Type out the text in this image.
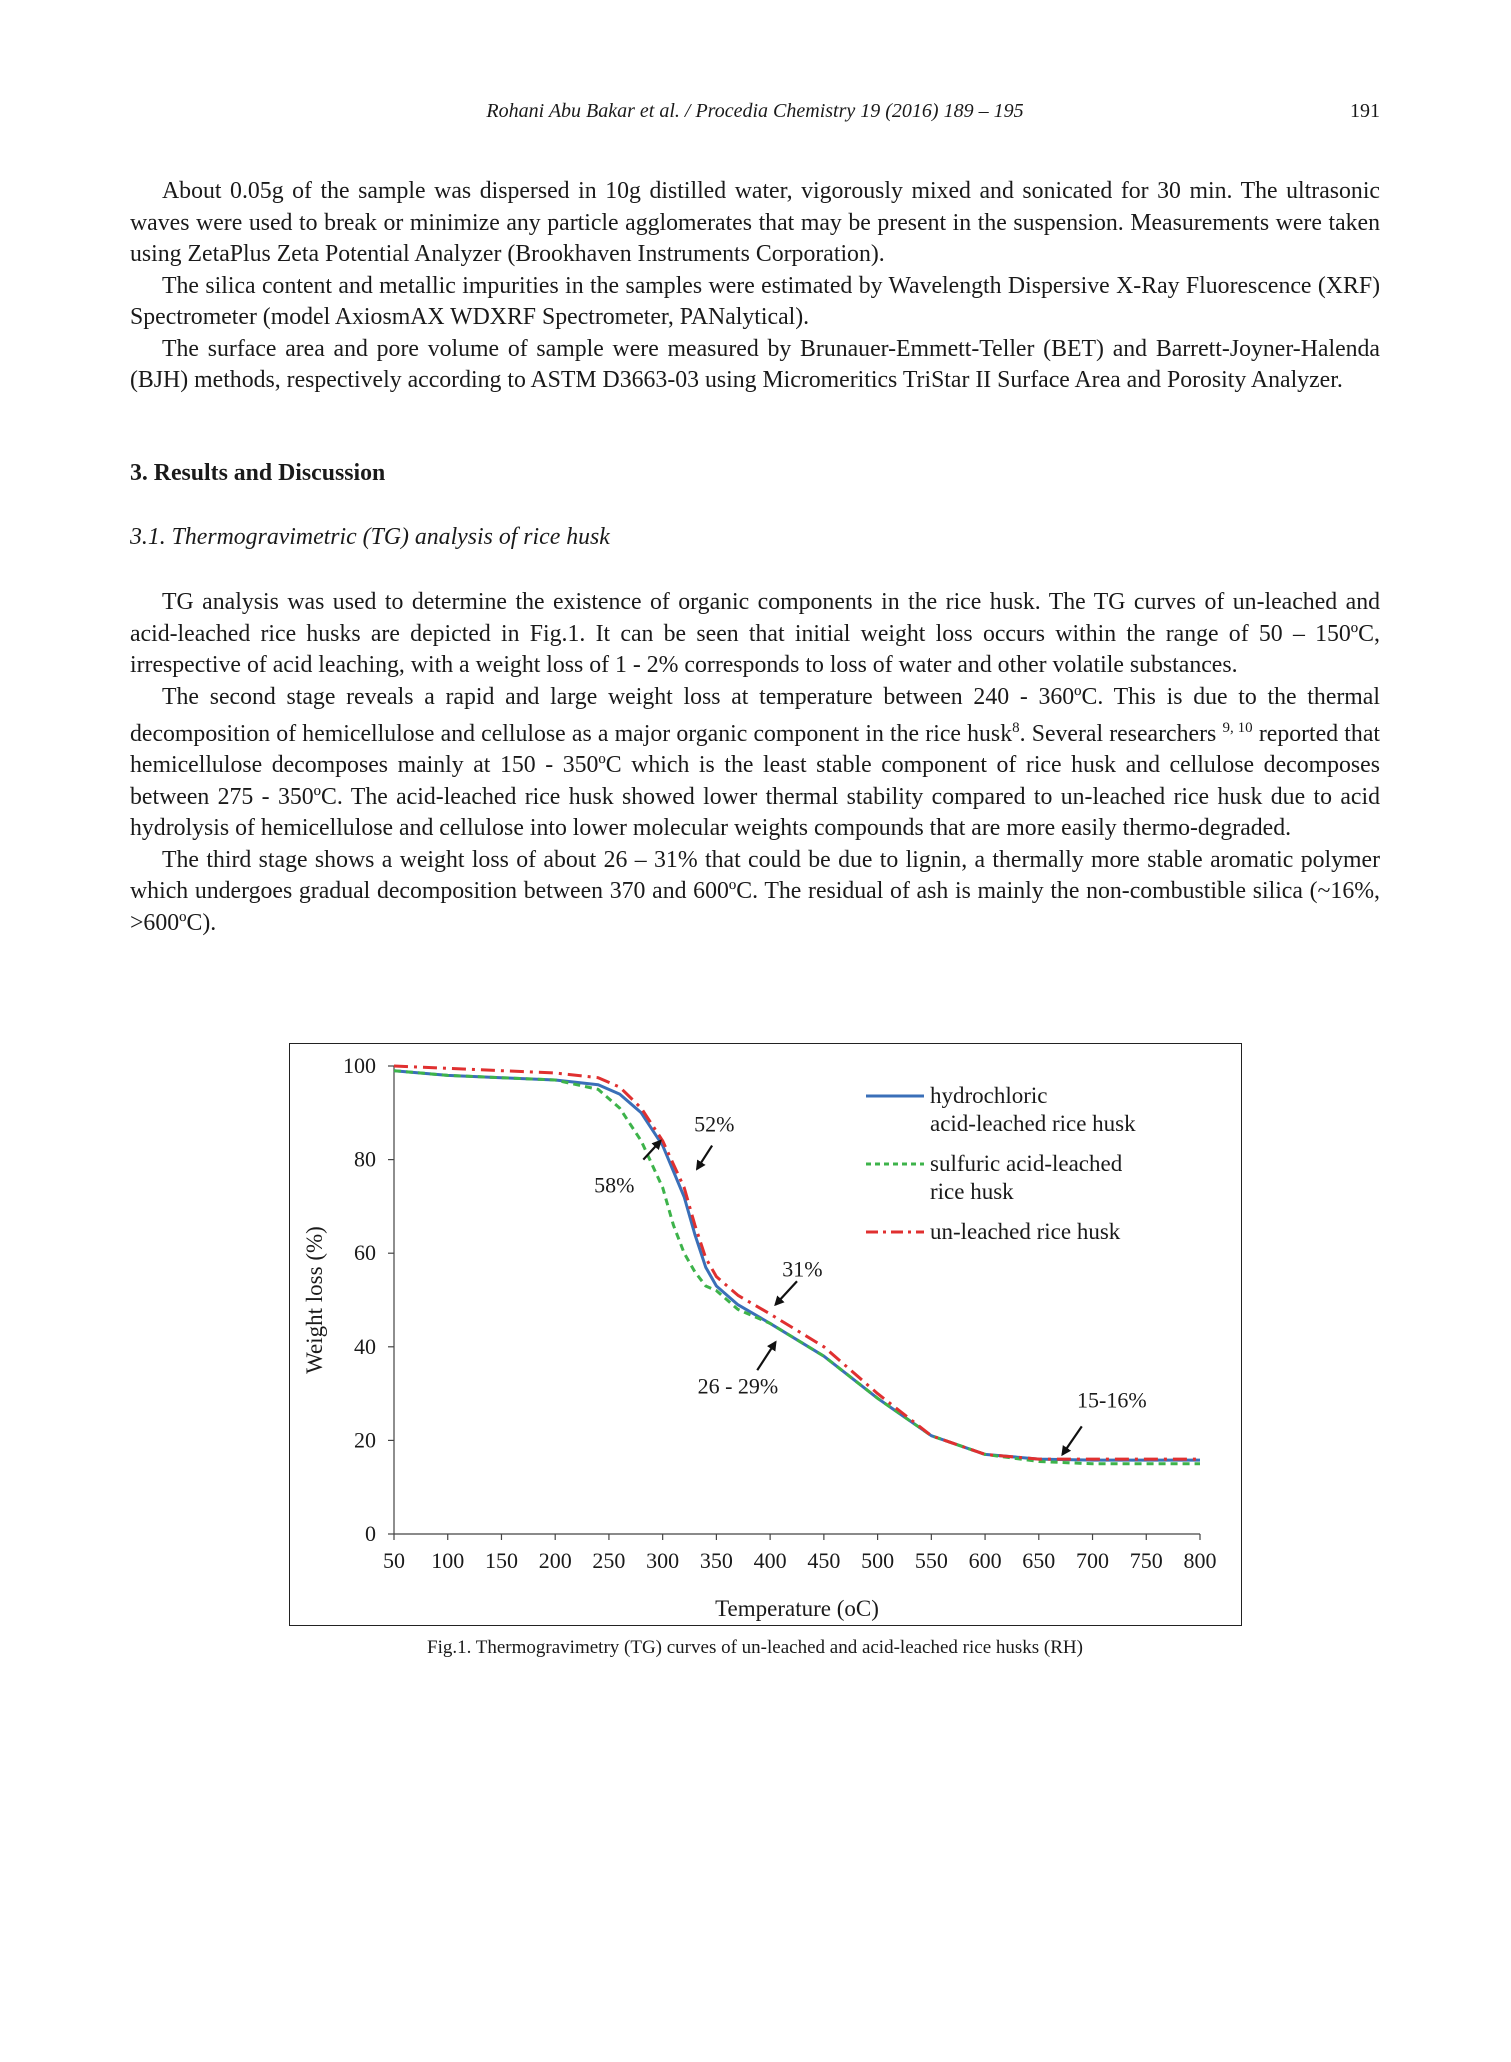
Rohani Abu Bakar et al. / Procedia Chemistry 19 (2016) 189 – 195	191

About 0.05g of the sample was dispersed in 10g distilled water, vigorously mixed and sonicated for 30 min. The ultrasonic waves were used to break or minimize any particle agglomerates that may be present in the suspension. Measurements were taken using ZetaPlus Zeta Potential Analyzer (Brookhaven Instruments Corporation).

The silica content and metallic impurities in the samples were estimated by Wavelength Dispersive X-Ray Fluorescence (XRF) Spectrometer (model AxiosmAX WDXRF Spectrometer, PANalytical).

The surface area and pore volume of sample were measured by Brunauer-Emmett-Teller (BET) and Barrett-Joyner-Halenda (BJH) methods, respectively according to ASTM D3663-03 using Micromeritics TriStar II Surface Area and Porosity Analyzer.

3. Results and Discussion
3.1. Thermogravimetric (TG) analysis of rice husk

TG analysis was used to determine the existence of organic components in the rice husk. The TG curves of un-leached and acid-leached rice husks are depicted in Fig.1. It can be seen that initial weight loss occurs within the range of 50 – 150ºC, irrespective of acid leaching, with a weight loss of 1 - 2% corresponds to loss of water and other volatile substances.

The second stage reveals a rapid and large weight loss at temperature between 240 - 360ºC. This is due to the thermal decomposition of hemicellulose and cellulose as a major organic component in the rice husk$^8$. Several researchers $^{9, 10}$ reported that hemicellulose decomposes mainly at 150 - 350ºC which is the least stable component of rice husk and cellulose decomposes between 275 - 350ºC. The acid-leached rice husk showed lower thermal stability compared to un-leached rice husk due to acid hydrolysis of hemicellulose and cellulose into lower molecular weights compounds that are more easily thermo-degraded.

The third stage shows a weight loss of about 26 – 31% that could be due to lignin, a thermally more stable aromatic polymer which undergoes gradual decomposition between 370 and 600ºC. The residual of ash is mainly the non-combustible silica (~16%, >600ºC).

0
20
40
60
80
100
50 100 150 200 250 300 350 400 450 500 550 600 650 700 750 800
Temperature (oC)
Weight loss (%)
58%
52%
31%
26 - 29%
15-16%
hydrochloric acid-leached rice husk
sulfuric acid-leached rice husk
un-leached rice husk
Fig.1. Thermogravimetry (TG) curves of un-leached and acid-leached rice husks (RH)
